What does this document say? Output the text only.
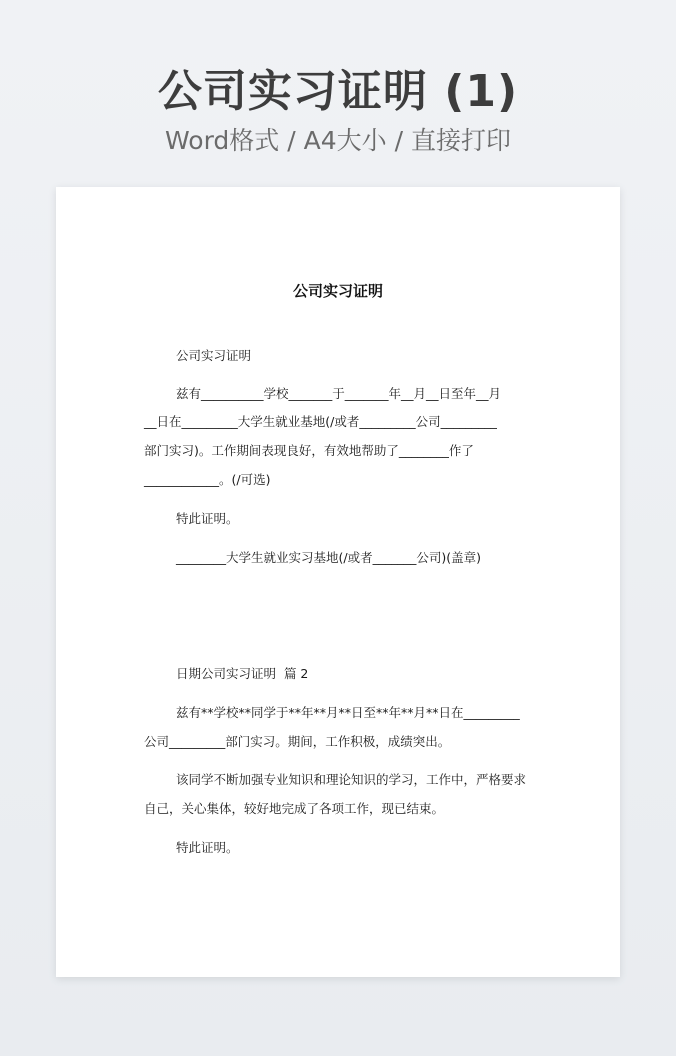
公司实习证明 (1)
Word格式 / A4大小 / 直接打印
公司实习证明
公司实习证明
兹有__________学校_______于_______年__月__日至年__月
__日在_________大学生就业基地(/或者_________公司_________
部门实习)。工作期间表现良好，有效地帮助了________作了
____________。(/可选)
特此证明。
________大学生就业实习基地(/或者_______公司)(盖章)
日期公司实习证明  篇 2
兹有**学校**同学于**年**月**日至**年**月**日在_________
公司_________部门实习。期间，工作积极，成绩突出。
该同学不断加强专业知识和理论知识的学习，工作中，严格要求
自己，关心集体，较好地完成了各项工作，现已结束。
特此证明。
